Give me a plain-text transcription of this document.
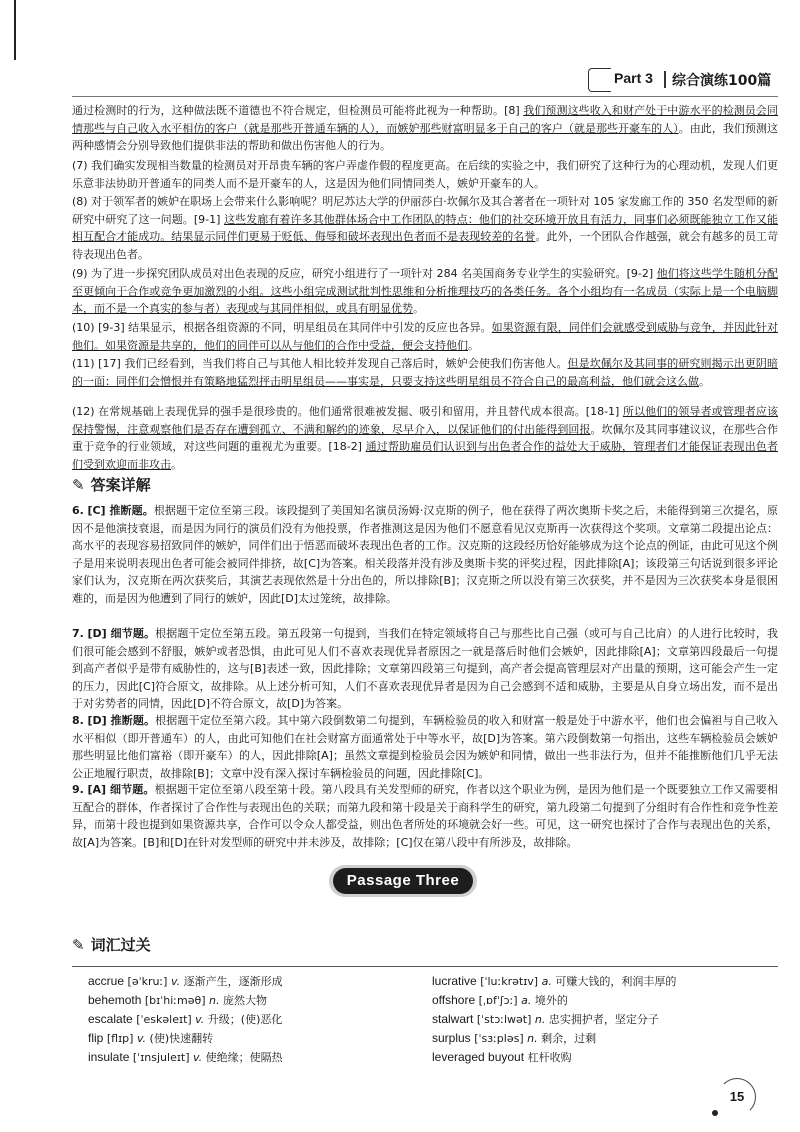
Part 3 综合演练100篇

通过检测时的行为，这种做法既不道德也不符合规定，但检测员可能将此视为一种帮助。[8] 我们预测这些收入和财产处于中游水平的检测员会同情那些与自己收入水平相仿的客户（就是那些开普通车辆的人），而嫉妒那些财富明显多于自己的客户（就是那些开豪车的人）。由此，我们预测这两种感情会分别导致他们提供非法的帮助和做出伤害他人的行为。

(7) 我们确实发现相当数量的检测员对开昂贵车辆的客户弄虚作假的程度更高。在后续的实验之中，我们研究了这种行为的心理动机，发现人们更乐意非法协助开普通车的同类人而不是开豪车的人，这是因为他们同情同类人，嫉妒开豪车的人。

(8) 对于领军者的嫉妒在职场上会带来什么影响呢？明尼苏达大学的伊丽莎白·坎佩尔及其合著者在一项针对 105 家发廊工作的 350 名发型师的新研究中研究了这一问题。[9-1] 这些发廊有着许多其他群体场合中工作团队的特点：他们的社交环境开放且有活力，同事们必须既能独立工作又能相互配合才能成功。结果显示同伴们更易于贬低、侮辱和破坏表现出色者而不是表现较差的名誉。此外，一个团队合作越强，就会有越多的员工苛待表现出色者。

(9) 为了进一步探究团队成员对出色表现的反应，研究小组进行了一项针对 284 名美国商务专业学生的实验研究。[9-2] 他们将这些学生随机分配至更倾向于合作或竞争更加激烈的小组。这些小组完成测试批判性思维和分析推理技巧的各类任务。各个小组均有一名成员（实际上是一个电脑脚本，而不是一个真实的参与者）表现或与其同伴相似，或具有明显优势。

(10) [9-3] 结果显示，根据各组资源的不同，明星组员在其同伴中引发的反应也各异。如果资源有限，同伴们会就感受到威胁与竞争，并因此针对他们。如果资源是共享的，他们的同伴可以从与他们的合作中受益，便会支持他们。

(11) [17] 我们已经看到，当我们将自己与其他人相比较并发现自己落后时，嫉妒会使我们伤害他人。但是坎佩尔及其同事的研究则揭示出更阴暗的一面：同伴们会憎恨并有策略地猛烈抨击明星组员——事实是，只要支持这些明星组员不符合自己的最高利益，他们就会这么做。

(12) 在常规基础上表现优异的强手是很珍贵的。他们通常很难被发掘、吸引和留用，并且替代成本很高。[18-1] 所以他们的领导者或管理者应该保持警惕，注意观察他们是否存在遭到孤立、不满和解约的迹象，尽早介入，以保证他们的付出能得到回报。坎佩尔及其同事建议议，在那些合作重于竞争的行业领域，对这些问题的重视尤为重要。[18-2] 通过帮助雇员们认识到与出色者合作的益处大于威胁，管理者们才能保证表现出色者们受到欢迎而非攻击。

✎ 答案详解

6. [C] 推断题。根据题干定位至第三段。该段提到了美国知名演员汤姆·汉克斯的例子，他在获得了两次奥斯卡奖之后，未能得到第三次提名，原因不是他演技衰退，而是因为同行的演员们没有为他投票，作者推测这是因为他们不愿意看见汉克斯再一次获得这个奖项。文章第二段提出论点：高水平的表现容易招致同伴的嫉妒，同伴们出于悟恶而破坏表现出色者的工作。汉克斯的这段经历恰好能够成为这个论点的例证，由此可见这个例子是用来说明表现出色者可能会被同伴排挤，故[C]为答案。相关段落并没有涉及奥斯卡奖的评奖过程，因此排除[A]；该段第三句话说到很多评论家们认为，汉克斯在两次获奖后，其演艺表现依然是十分出色的，所以排除[B]；汉克斯之所以没有第三次获奖，并不是因为三次获奖本身是很困难的，而是因为他遭到了同行的嫉妒，因此[D]太过笼统，故排除。

7. [D] 细节题。根据题干定位至第五段。第五段第一句提到，当我们在特定领域将自己与那些比自己强（或可与自己比肩）的人进行比较时，我们很可能会感到不舒服，嫉妒或者恐惧，由此可见人们不喜欢表现优异者原因之一就是落后时他们会嫉妒，因此排除[A]；文章第四段最后一句提到高产者似乎是带有威胁性的，这与[B]表述一致，因此排除；文章第四段第三句提到，高产者会提高管理层对产出量的预期，这可能会产生一定的压力，因此[C]符合原文，故排除。从上述分析可知，人们不喜欢表现优异者是因为自己会感到不适和威胁，主要是从自身立场出发，而不是出于对劣势者的同情，因此[D]不符合原文，故[D]为答案。

8. [D] 推断题。根据题干定位至第六段。其中第六段倒数第二句提到，车辆检验员的收入和财富一般是处于中游水平，他们也会偏袒与自己收入水平相似（即开普通车）的人，由此可知他们在社会财富方面通常处于中等水平，故[D]为答案。第六段倒数第一句指出，这些车辆检验员会嫉妒那些明显比他们富裕（即开豪车）的人，因此排除[A]；虽然文章提到检验员会因为嫉妒和同情，做出一些非法行为，但并不能推断他们几乎无法公正地履行职责，故排除[B]；文章中没有深入探讨车辆检验员的问题，因此排除[C]。

9. [A] 细节题。根据题干定位至第八段至第十段。第八段具有关发型师的研究，作者以这个职业为例，是因为他们是一个既要独立工作又需要相互配合的群体，作者探讨了合作性与表现出色的关联；而第九段和第十段是关于商科学生的研究，第九段第二句提到了分组时有合作性和竞争性差异，而第十段也提到如果资源共享，合作可以令众人都受益，则出色者所处的环境就会好一些。可见，这一研究也探讨了合作与表现出色的关系，故[A]为答案。[B]和[D]在针对发型师的研究中并未涉及，故排除；[C]仅在第八段中有所涉及，故排除。

Passage Three
✎ 词汇过关
accrue [əˈkruː] v. 逐渐产生，逐渐形成
behemoth [bɪˈhiːməθ] n. 庞然大物
escalate [ˈeskəleɪt] v. 升级；(使)恶化
flip [flɪp] v. (使)快速翻转
insulate [ˈɪnsjuleɪt] v. 使绝缘；使隔热
lucrative [ˈluːkrətɪv] a. 可赚大钱的，利润丰厚的
offshore [ˌɒfˈʃɔː] a. 境外的
stalwart [ˈstɔːlwət] n. 忠实拥护者，坚定分子
surplus [ˈsɜːpləs] n. 剩余，过剩
leveraged buyout 杠杆收购
15
